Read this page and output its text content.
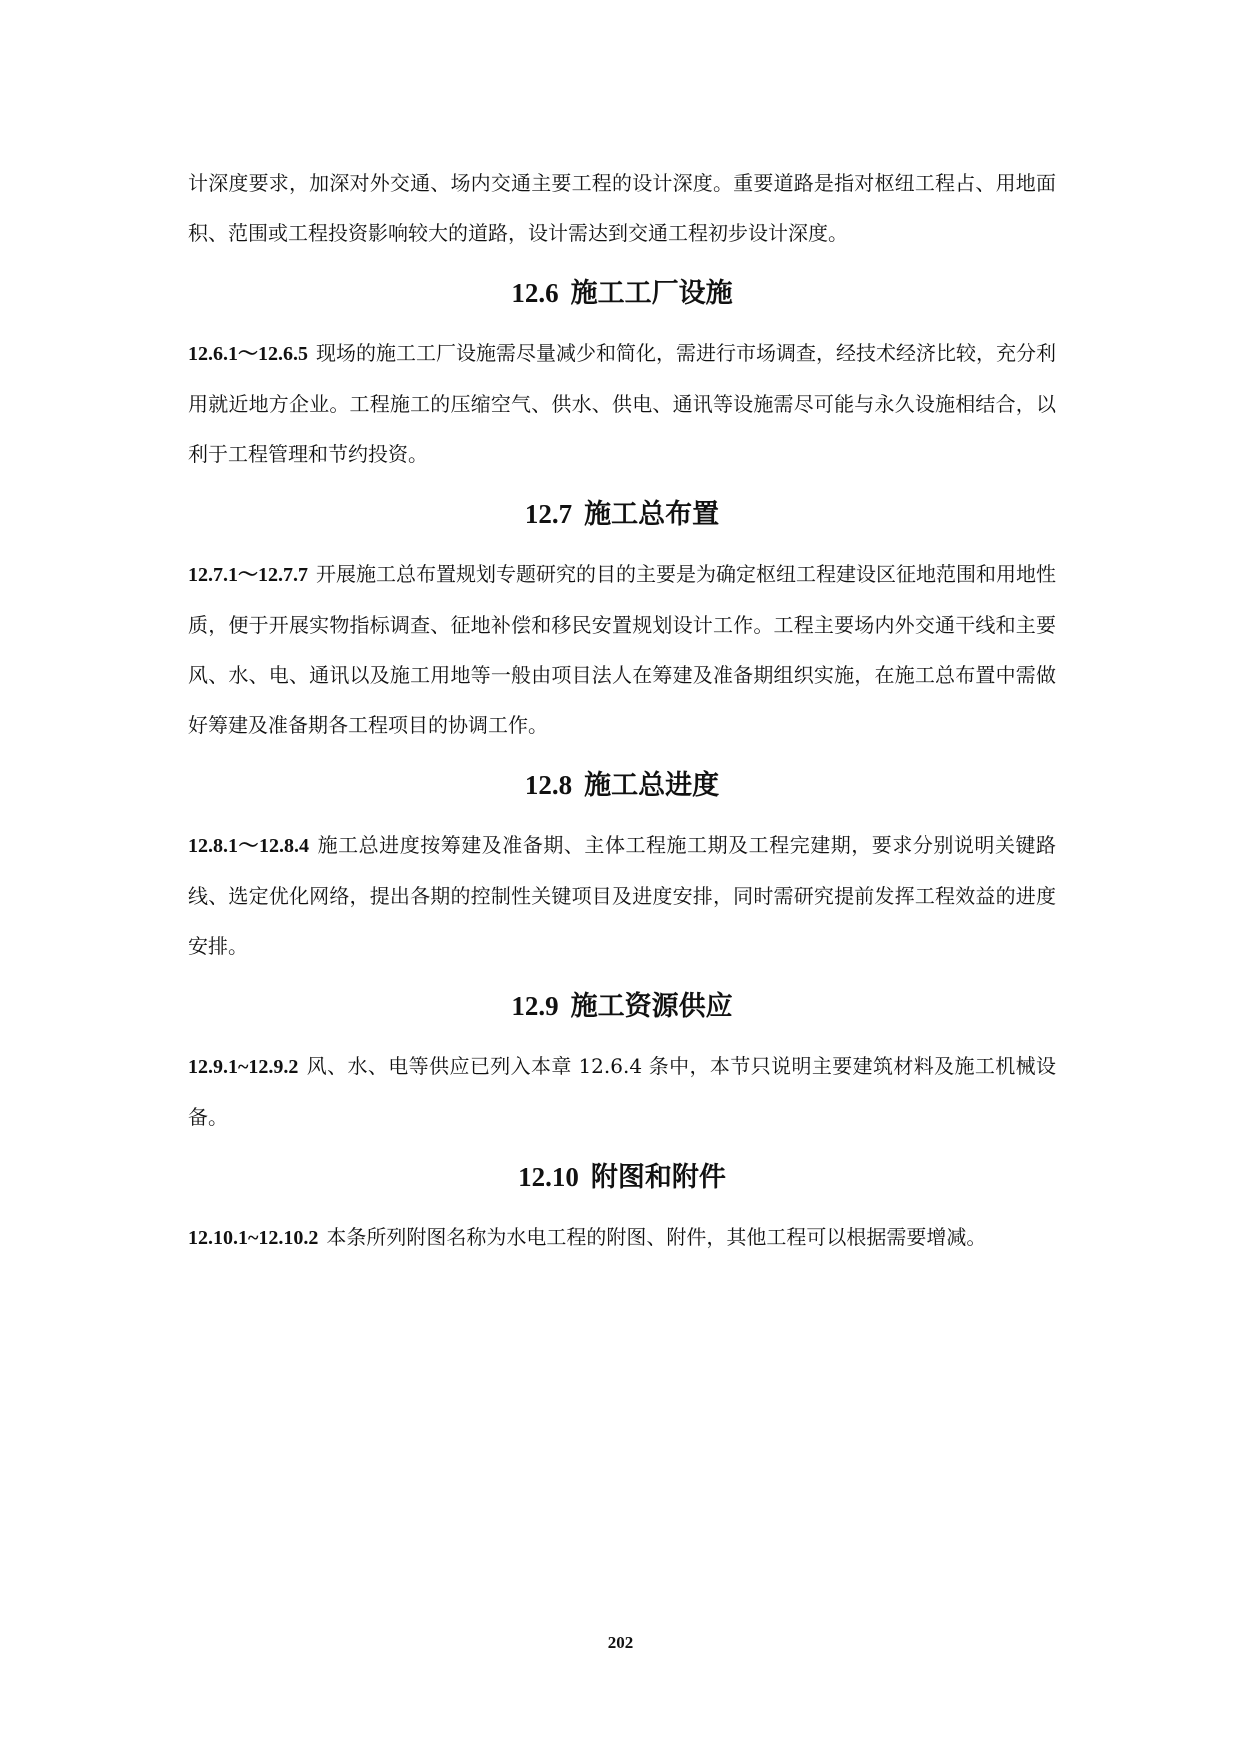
计深度要求，加深对外交通、场内交通主要工程的设计深度。重要道路是指对枢纽工程占、用地面积、范围或工程投资影响较大的道路，设计需达到交通工程初步设计深度。

12.6 施工工厂设施

12.6.1～12.6.5 现场的施工工厂设施需尽量减少和简化，需进行市场调查，经技术经济比较，充分利用就近地方企业。工程施工的压缩空气、供水、供电、通讯等设施需尽可能与永久设施相结合，以利于工程管理和节约投资。

12.7 施工总布置

12.7.1～12.7.7 开展施工总布置规划专题研究的目的主要是为确定枢纽工程建设区征地范围和用地性质，便于开展实物指标调查、征地补偿和移民安置规划设计工作。工程主要场内外交通干线和主要风、水、电、通讯以及施工用地等一般由项目法人在筹建及准备期组织实施，在施工总布置中需做好筹建及准备期各工程项目的协调工作。

12.8 施工总进度

12.8.1～12.8.4 施工总进度按筹建及准备期、主体工程施工期及工程完建期，要求分别说明关键路线、选定优化网络，提出各期的控制性关键项目及进度安排，同时需研究提前发挥工程效益的进度安排。

12.9 施工资源供应

12.9.1~12.9.2 风、水、电等供应已列入本章 12.6.4 条中，本节只说明主要建筑材料及施工机械设备。

12.10 附图和附件

12.10.1~12.10.2 本条所列附图名称为水电工程的附图、附件，其他工程可以根据需要增减。

202
